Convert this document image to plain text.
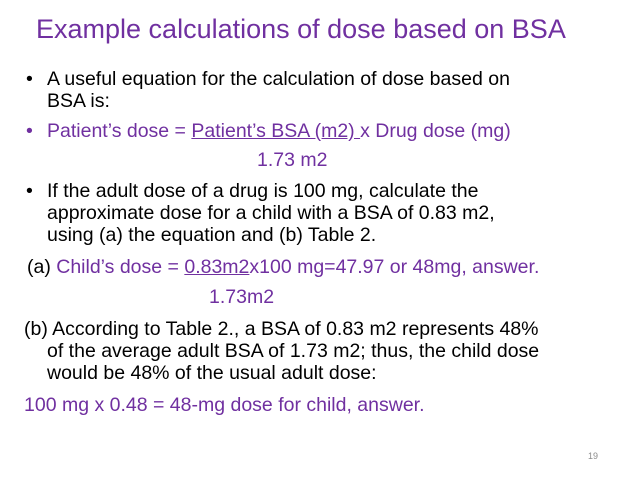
Example calculations of dose based on BSA
• A useful equation for the calculation of dose based on
BSA is:
• Patient’s dose = Patient’s BSA (m2) x Drug dose (mg)
1.73 m2
• If the adult dose of a drug is 100 mg, calculate the
approximate dose for a child with a BSA of 0.83 m2,
using (a) the equation and (b) Table 2.
(a) Child’s dose = 0.83m2x100 mg=47.97 or 48mg, answer.
1.73m2
(b) According to Table 2., a BSA of 0.83 m2 represents 48%
of the average adult BSA of 1.73 m2; thus, the child dose
would be 48% of the usual adult dose:
100 mg x 0.48 = 48-mg dose for child, answer.
19
